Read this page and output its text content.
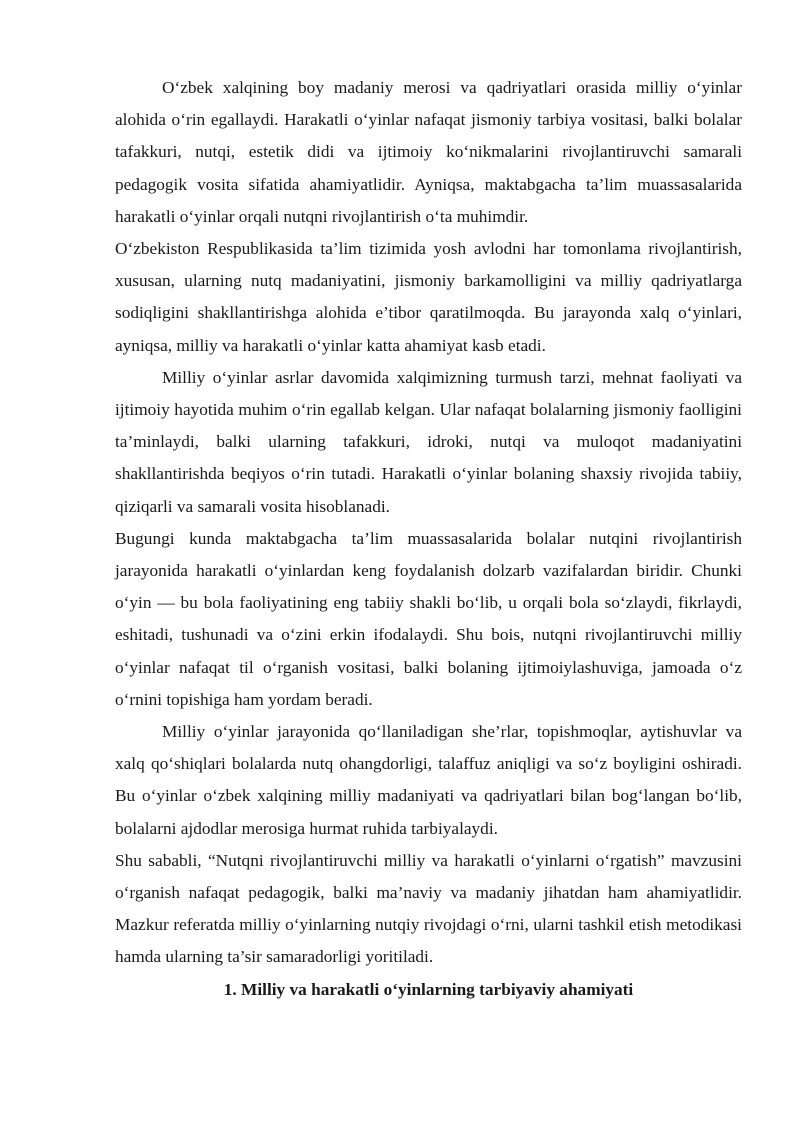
O‘zbek xalqining boy madaniy merosi va qadriyatlari orasida milliy o‘yinlar alohida o‘rin egallaydi. Harakatli o‘yinlar nafaqat jismoniy tarbiya vositasi, balki bolalar tafakkuri, nutqi, estetik didi va ijtimoiy ko‘nikmalarini rivojlantiruvchi samarali pedagogik vosita sifatida ahamiyatlidir. Ayniqsa, maktabgacha ta’lim muassasalarida harakatli o‘yinlar orqali nutqni rivojlantirish o‘ta muhimdir.

O‘zbekiston Respublikasida ta’lim tizimida yosh avlodni har tomonlama rivojlantirish, xususan, ularning nutq madaniyatini, jismoniy barkamolligini va milliy qadriyatlarga sodiqligini shakllantirishga alohida e’tibor qaratilmoqda. Bu jarayonda xalq o‘yinlari, ayniqsa, milliy va harakatli o‘yinlar katta ahamiyat kasb etadi.

Milliy o‘yinlar asrlar davomida xalqimizning turmush tarzi, mehnat faoliyati va ijtimoiy hayotida muhim o‘rin egallab kelgan. Ular nafaqat bolalarning jismoniy faolligini ta’minlaydi, balki ularning tafakkuri, idroki, nutqi va muloqot madaniyatini shakllantirishda beqiyos o‘rin tutadi. Harakatli o‘yinlar bolaning shaxsiy rivojida tabiiy, qiziqarli va samarali vosita hisoblanadi.

Bugungi kunda maktabgacha ta’lim muassasalarida bolalar nutqini rivojlantirish jarayonida harakatli o‘yinlardan keng foydalanish dolzarb vazifalardan biridir. Chunki o‘yin — bu bola faoliyatining eng tabiiy shakli bo‘lib, u orqali bola so‘zlaydi, fikrlaydi, eshitadi, tushunadi va o‘zini erkin ifodalaydi. Shu bois, nutqni rivojlantiruvchi milliy o‘yinlar nafaqat til o‘rganish vositasi, balki bolaning ijtimoiylashuviga, jamoada o‘z o‘rnini topishiga ham yordam beradi.

Milliy o‘yinlar jarayonida qo‘llaniladigan she’rlar, topishmoqlar, aytishuvlar va xalq qo‘shiqlari bolalarda nutq ohangdorligi, talaffuz aniqligi va so‘z boyligini oshiradi. Bu o‘yinlar o‘zbek xalqining milliy madaniyati va qadriyatlari bilan bog‘langan bo‘lib, bolalarni ajdodlar merosiga hurmat ruhida tarbiyalaydi.

Shu sababli, “Nutqni rivojlantiruvchi milliy va harakatli o‘yinlarni o‘rgatish” mavzusini o‘rganish nafaqat pedagogik, balki ma’naviy va madaniy jihatdan ham ahamiyatlidir. Mazkur referatda milliy o‘yinlarning nutqiy rivojdagi o‘rni, ularni tashkil etish metodikasi hamda ularning ta’sir samaradorligi yoritiladi.

1. Milliy va harakatli o‘yinlarning tarbiyaviy ahamiyati
